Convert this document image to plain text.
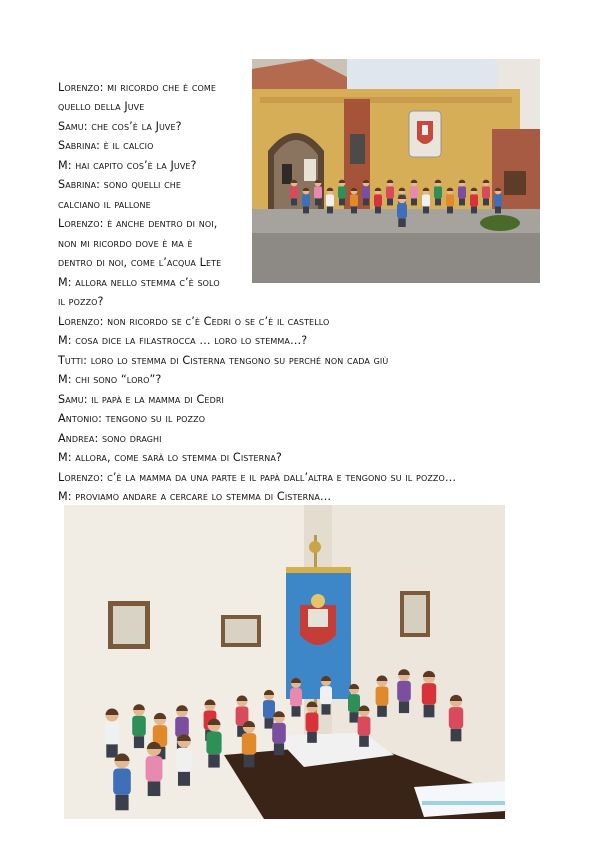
Lorenzo: mi ricordo che è come
quello della Juve
Samu: che cos’è la Juve?
Sabrina: è il calcio
M: hai capito cos’è la Juve?
Sabrina: sono quelli che
calciano il pallone
Lorenzo: è anche dentro di noi,
non mi ricordo dove è ma è
dentro di noi, come l’acqua Lete
M: allora nello stemma c’è solo
il pozzo?
Lorenzo: non ricordo se c’è Cedri o se c’è il castello
M: cosa dice la filastrocca … loro lo stemma…?
Tutti: loro lo stemma di Cisterna tengono su perché non cada giù
M: chi sono “loro”?
Samu: il papà e la mamma di Cedri
Antonio: tengono su il pozzo
Andrea: sono draghi
M: allora, come sarà lo stemma di Cisterna?
Lorenzo: c’è la mamma da una parte e il papà dall’altra e tengono su il pozzo…
M: proviamo andare a cercare lo stemma di Cisterna…
